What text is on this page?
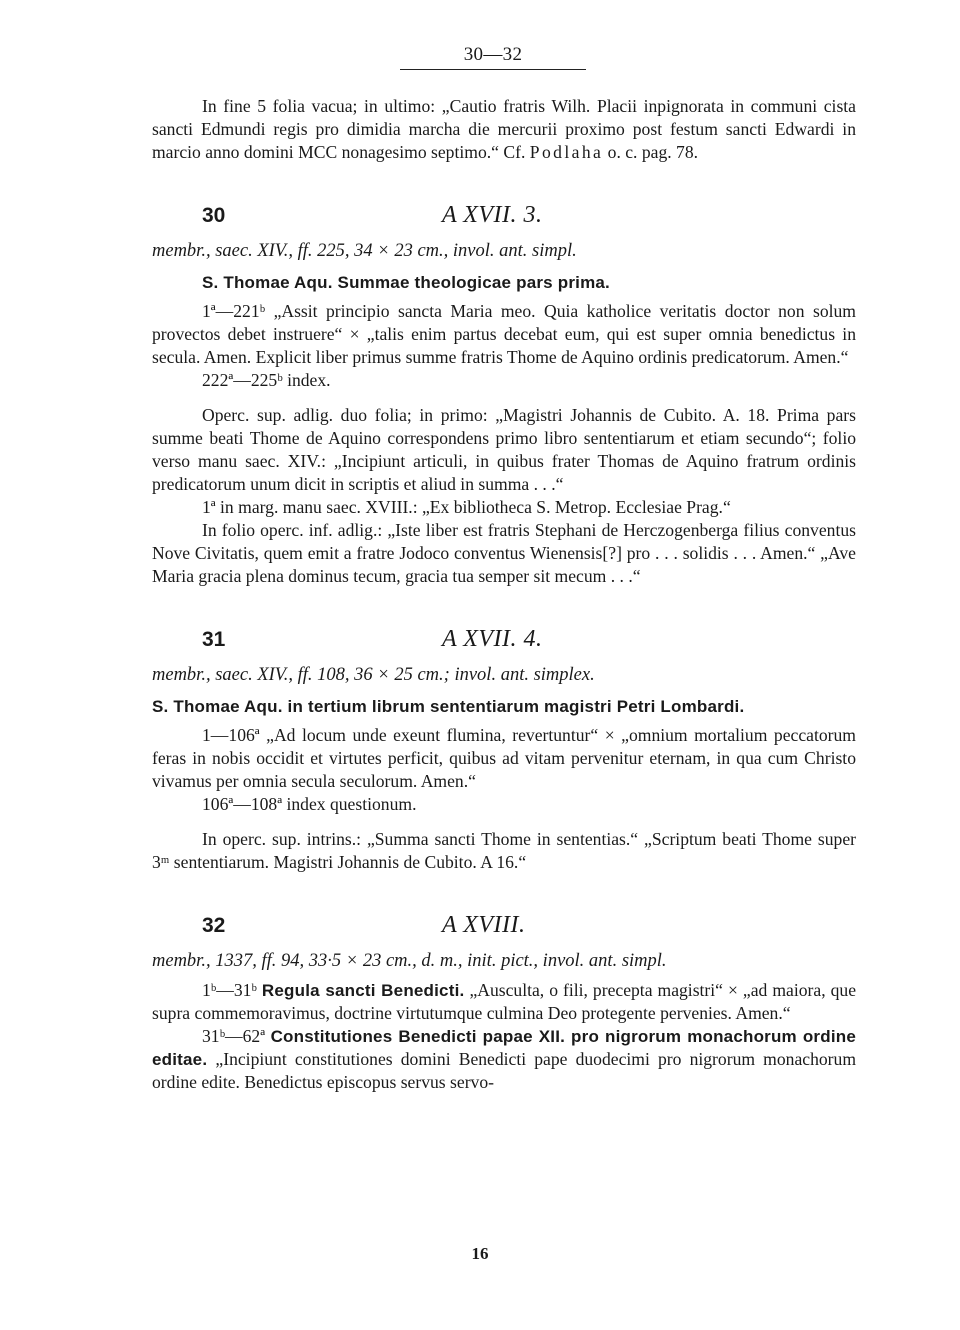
30—32

In fine 5 folia vacua; in ultimo: „Cautio fratris Wilh. Placii inpignorata in communi cista sancti Edmundi regis pro dimidia marcha die mercurii proximo post festum sancti Edwardi in marcio anno domini MCC nonagesimo septimo.“ Cf. Podlaha o. c. pag. 78.

30	A XVII. 3.

membr., saec. XIV., ff. 225, 34 × 23 cm., invol. ant. simpl.

S. Thomae Aqu. Summae theologicae pars prima.

1ª—221ᵇ „Assit principio sancta Maria meo. Quia katholice veritatis doctor non solum provectos debet instruere“ × „talis enim partus decebat eum, qui est super omnia benedictus in secula. Amen. Explicit liber primus summe fratris Thome de Aquino ordinis predicatorum. Amen.“

222ª—225ᵇ index.

Operc. sup. adlig. duo folia; in primo: „Magistri Johannis de Cubito. A. 18. Prima pars summe beati Thome de Aquino correspondens primo libro sententiarum et etiam secundo“; folio verso manu saec. XIV.: „Incipiunt articuli, in quibus frater Thomas de Aquino fratrum ordinis predicatorum unum dicit in scriptis et aliud in summa . . .“

1ª in marg. manu saec. XVIII.: „Ex bibliotheca S. Metrop. Ecclesiae Prag.“

In folio operc. inf. adlig.: „Iste liber est fratris Stephani de Herczogenberga filius conventus Nove Civitatis, quem emit a fratre Jodoco conventus Wienensis[?] pro . . . solidis . . . Amen.“ „Ave Maria gracia plena dominus tecum, gracia tua semper sit mecum . . .“

31	A XVII. 4.

membr., saec. XIV., ff. 108, 36 × 25 cm.; invol. ant. simplex.

S. Thomae Aqu. in tertium librum sententiarum magistri Petri Lombardi.

1—106ª „Ad locum unde exeunt flumina, revertuntur“ × „omnium mortalium peccatorum feras in nobis occidit et virtutes perficit, quibus ad vitam pervenitur eternam, in qua cum Christo vivamus per omnia secula seculorum. Amen.“

106ª—108ª index questionum.

In operc. sup. intrins.: „Summa sancti Thome in sententias.“ „Scriptum beati Thome super 3ᵐ sententiarum. Magistri Johannis de Cubito. A 16.“

32	A XVIII.

membr., 1337, ff. 94, 33·5 × 23 cm., d. m., init. pict., invol. ant. simpl.

1ᵇ—31ᵇ Regula sancti Benedicti. „Ausculta, o fili, precepta magistri“ × „ad maiora, que supra commemoravimus, doctrine virtutumque culmina Deo protegente pervenies. Amen.“

31ᵇ—62ª Constitutiones Benedicti papae XII. pro nigrorum monachorum ordine editae. „Incipiunt constitutiones domini Benedicti pape duodecimi pro nigrorum monachorum ordine edite. Benedictus episcopus servus servo-

16
